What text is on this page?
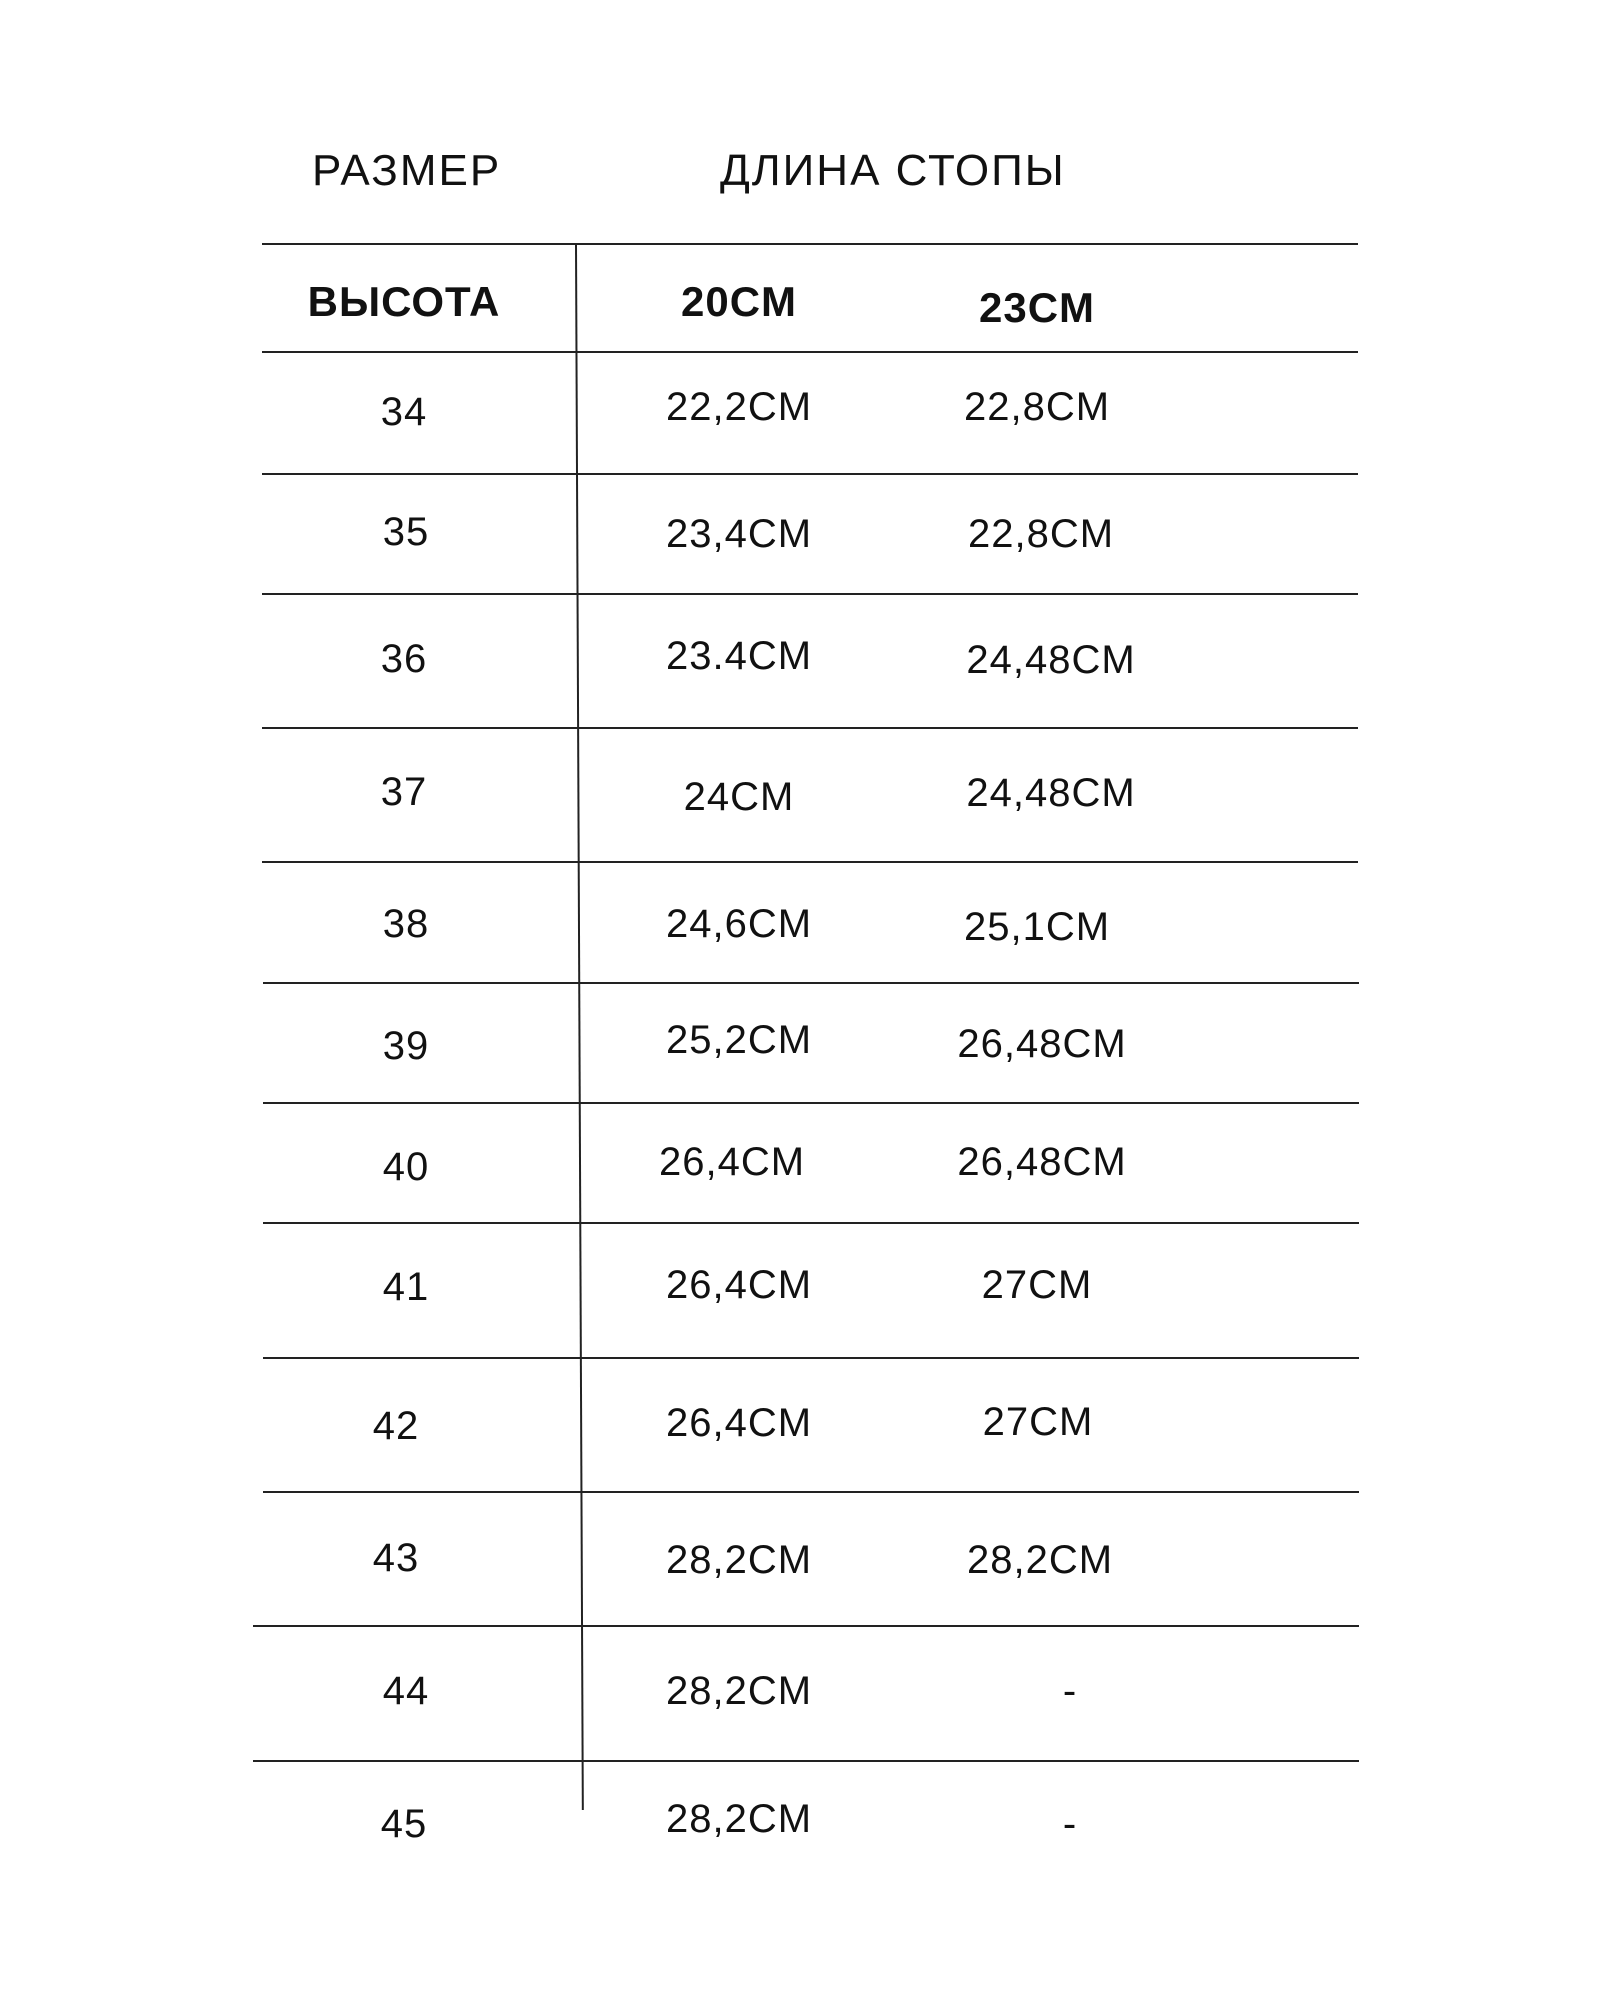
РАЗМЕР	ДЛИНА СТОПЫ
ВЫСОТА	20CM	23CM
34	22,2CM	22,8CM
35	23,4CM	22,8CM
36	23.4CM	24,48CM
37	24CM	24,48CM
38	24,6CM	25,1CM
39	25,2CM	26,48CM
40	26,4CM	26,48CM
41	26,4CM	27CM
42	26,4CM	27CM
43	28,2CM	28,2CM
44	28,2CM	-
45	28,2CM	-
